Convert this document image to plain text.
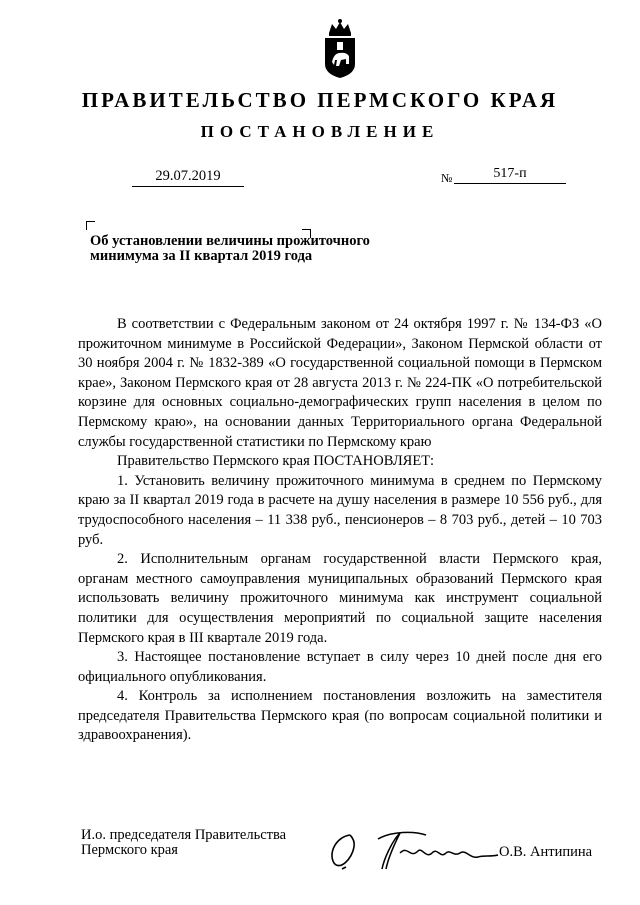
ПРАВИТЕЛЬСТВО ПЕРМСКОГО КРАЯ
ПОСТАНОВЛЕНИЕ
29.07.2019	№	517-п
Об установлении величины прожиточного
минимума за II квартал 2019 года

В соответствии с Федеральным законом от 24 октября 1997 г. № 134-ФЗ «О прожиточном минимуме в Российской Федерации», Законом Пермской области от 30 ноября 2004 г. № 1832-389 «О государственной социальной помощи в Пермском крае», Законом Пермского края от 28 августа 2013 г. № 224-ПК «О потребительской корзине для основных социально-демографических групп населения в целом по Пермскому краю», на основании данных Территориального органа Федеральной службы государственной статистики по Пермскому краю

Правительство Пермского края ПОСТАНОВЛЯЕТ:

1. Установить величину прожиточного минимума в среднем по Пермскому краю за II квартал 2019 года в расчете на душу населения в размере 10 556 руб., для трудоспособного населения – 11 338 руб., пенсионеров – 8 703 руб., детей – 10 703 руб.

2. Исполнительным органам государственной власти Пермского края, органам местного самоуправления муниципальных образований Пермского края использовать величину прожиточного минимума как инструмент социальной политики для осуществления мероприятий по социальной защите населения Пермского края в III квартале 2019 года.

3. Настоящее постановление вступает в силу через 10 дней после дня его официального опубликования.

4. Контроль за исполнением постановления возложить на заместителя председателя Правительства Пермского края (по вопросам социальной политики и здравоохранения).

И.о. председателя Правительства
Пермского края	О.В. Антипина
